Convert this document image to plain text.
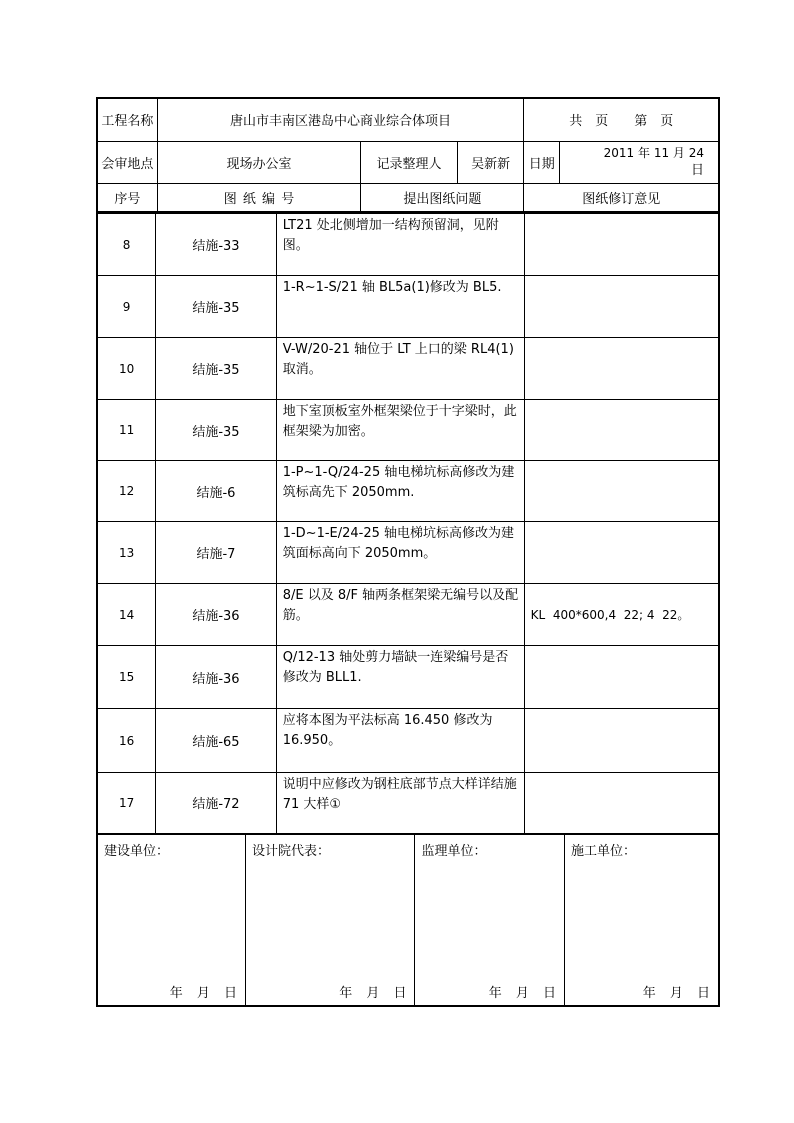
工程名称	唐山市丰南区港岛中心商业综合体项目			共　页　　第　页	
会审地点	现场办公室	记录整理人	吴新新	日期	2011 年 11 月 24
日

序号	图 纸 编 号	提出图纸问题		图纸修订意见	
8	结施-33	LT21 处北侧增加一结构预留洞，见附图。	

9	结施-35	1-R~1-S/21 轴 BL5a(1)修改为 BL5.	

10	结施-35	V-W/20-21 轴位于 LT 上口的梁 RL4(1)取消。	

11	结施-35	地下室顶板室外框架梁位于十字梁时，此框架梁为加密。	

12	结施-6	1-P~1-Q/24-25 轴电梯坑标高修改为建筑标高先下 2050mm.	

13	结施-7	1-D~1-E/24-25 轴电梯坑标高修改为建筑面标高向下 2050mm。	

14	结施-36	8/E 以及 8/F 轴两条框架梁无编号以及配筋。	KL  400*600,4  22; 4  22。
15	结施-36	Q/12-13 轴处剪力墙缺一连梁编号是否修改为 BLL1.	

16	结施-65	应将本图为平法标高 16.450 修改为 16.950。	

17	结施-72	说明中应修改为钢柱底部节点大样详结施 71 大样①	

建设单位：
年 月 日

设计院代表：
年 月 日

监理单位：
年 月 日

施工单位：
年 月 日
